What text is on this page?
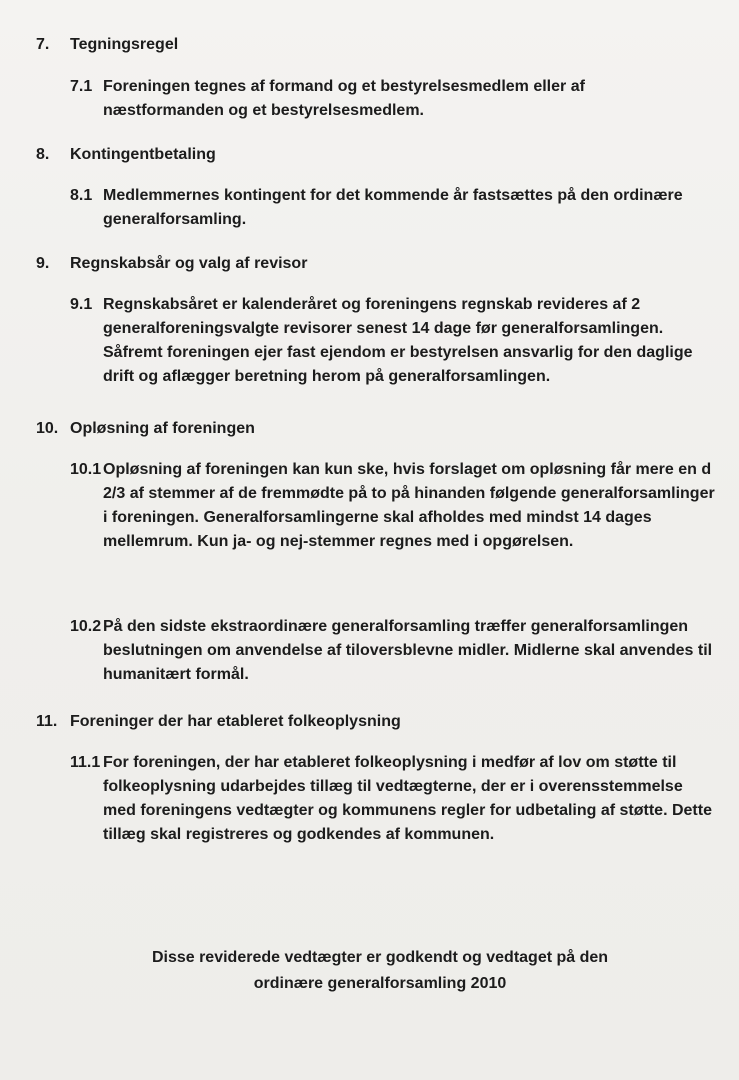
7. Tegningsregel
7.1 Foreningen tegnes af formand og et bestyrelsesmedlem eller af næstformanden og et bestyrelsesmedlem.
8. Kontingentbetaling
8.1 Medlemmernes kontingent for det kommende år fastsættes på den ordinære generalforsamling.
9. Regnskabsår og valg af revisor
9.1 Regnskabsåret er kalenderåret og foreningens regnskab revideres af 2 generalforeningsvalgte revisorer senest 14 dage før generalforsamlingen. Såfremt foreningen ejer fast ejendom er bestyrelsen ansvarlig for den daglige drift og aflægger beretning herom på generalforsamlingen.
10. Opløsning af foreningen
10.1 Opløsning af foreningen kan kun ske, hvis forslaget om opløsning får mere en d 2/3 af stemmer af de fremmødte på to på hinanden følgende generalforsamlinger i foreningen. Generalforsamlingerne skal afholdes med mindst 14 dages mellemrum. Kun ja- og nej-stemmer regnes med i opgørelsen.
10.2 På den sidste ekstraordinære generalforsamling træffer generalforsamlingen beslutningen om anvendelse af tiloversblevne midler. Midlerne skal anvendes til humanitært formål.
11. Foreninger der har etableret folkeoplysning
11.1 For foreningen, der har etableret folkeoplysning i medfør af lov om støtte til folkeoplysning udarbejdes tillæg til vedtægterne, der er i overensstemmelse med foreningens vedtægter og kommunens regler for udbetaling af støtte. Dette tillæg skal registreres og godkendes af kommunen.
Disse reviderede vedtægter er godkendt og vedtaget på den
ordinære generalforsamling 2010
